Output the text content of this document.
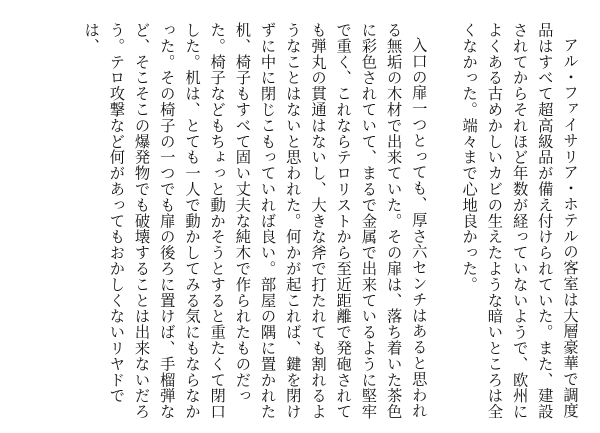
アル・ファイサリア・ホテルの客室は大層豪華で調度品はすべて超高級品が備え付けられていた。また、建設されてからそれほど年数が経っていないようで、欧州によくある古めかしいカビの生えたような暗いところは全くなかった。端々まで心地良かった。

入口の扉一つとっても、厚さ六センチはあると思われる無垢の木材で出来ていた。その扉は、落ち着いた茶色に彩色されていて、まるで金属で出来ているように堅牢で重く、これならテロリストから至近距離で発砲されても弾丸の貫通はないし、大きな斧で打たれても割れるようなことはないと思われた。何かが起これば、鍵を閉けずに中に閉じこもっていれば良い。部屋の隅に置かれた机、椅子もすべて固い丈夫な純木で作られたものだった。椅子などもちょっと動かそうとすると重たくて閉口した。机は、とても一人で動かしてみる気にもならなかった。その椅子の一つでも扉の後ろに置けば、手榴弾など、そこそこの爆発物でも破壊することは出来ないだろう。テロ攻撃など何があってもおかしくないリヤドでは、
